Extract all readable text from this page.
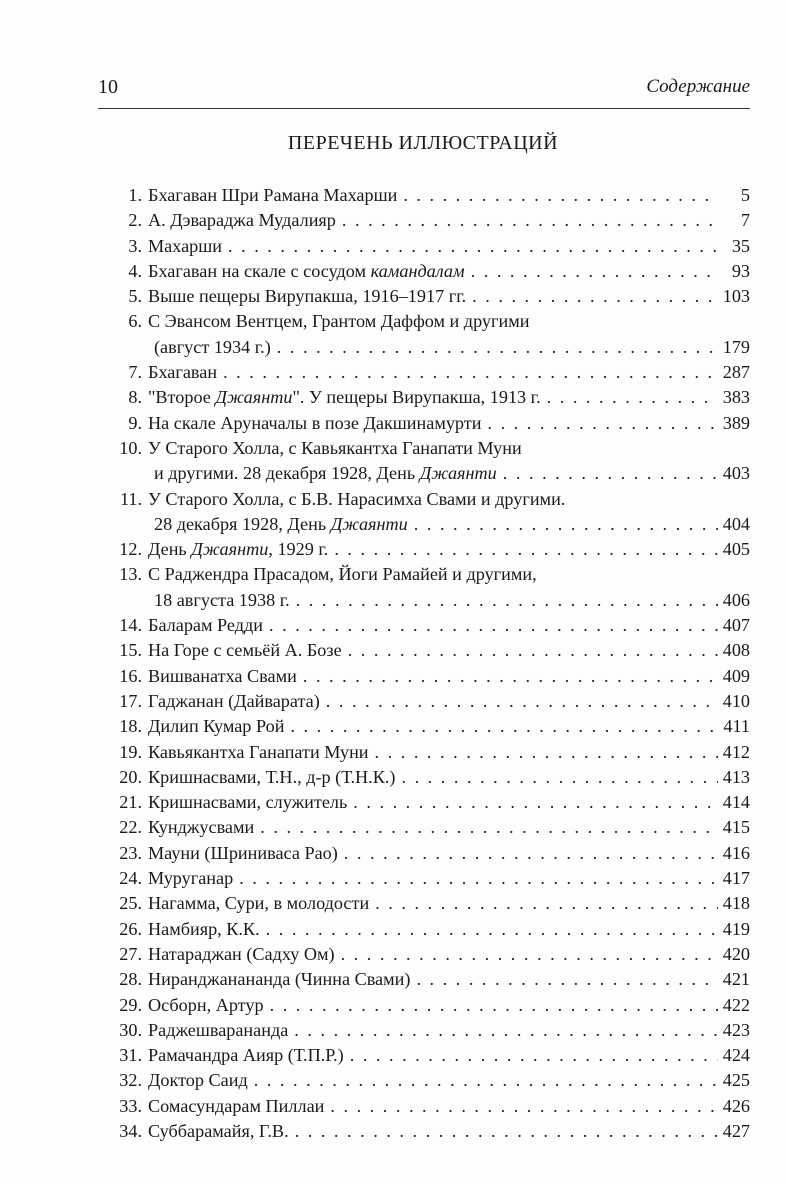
10	Содержание
ПЕРЕЧЕНЬ ИЛЛЮСТРАЦИЙ
1. Бхагаван Шри Рамана Махарши . . .	5
2. А. Дэвараджа Мудалияр . . .	7
3. Махарши . . .	35
4. Бхагаван на скале с сосудом камандалам . . .	93
5. Выше пещеры Вирупакша, 1916–1917 гг. . . .	103
6. С Эвансом Вентцем, Грантом Даффом и другими
(август 1934 г.) . . .	179
7. Бхагаван . . .	287
8. "Второе Джаянти". У пещеры Вирупакша, 1913 г. . . .	383
9. На скале Аруначалы в позе Дакшинамурти . . .	389
10. У Старого Холла, с Кавьякантха Ганапати Муни
и другими. 28 декабря 1928, День Джаянти . . .	403
11. У Старого Холла, с Б.В. Нарасимха Свами и другими.
28 декабря 1928, День Джаянти . . .	404
12. День Джаянти, 1929 г. . . .	405
13. С Раджендра Прасадом, Йоги Рамайей и другими,
18 августа 1938 г. . . .	406
14. Баларам Редди . . .	407
15. На Горе с семьёй А. Бозе . . .	408
16. Вишванатха Свами . . .	409
17. Гаджанан (Дайварата) . . .	410
18. Дилип Кумар Рой . . .	411
19. Кавьякантха Ганапати Муни . . .	412
20. Кришнасвами, Т.Н., д-р (Т.Н.К.) . . .	413
21. Кришнасвами, служитель . . .	414
22. Кунджусвами . . .	415
23. Мауни (Шриниваса Рао) . . .	416
24. Муруганар . . .	417
25. Нагамма, Сури, в молодости . . .	418
26. Намбияр, К.К. . . .	419
27. Натараджан (Садху Ом) . . .	420
28. Ниранджанананда (Чинна Свами) . . .	421
29. Осборн, Артур . . .	422
30. Раджешварананда . . .	423
31. Рамачандра Аияр (Т.П.Р.) . . .	424
32. Доктор Саид . . .	425
33. Сомасундарам Пиллаи . . .	426
34. Суббарамайя, Г.В. . . .	427
